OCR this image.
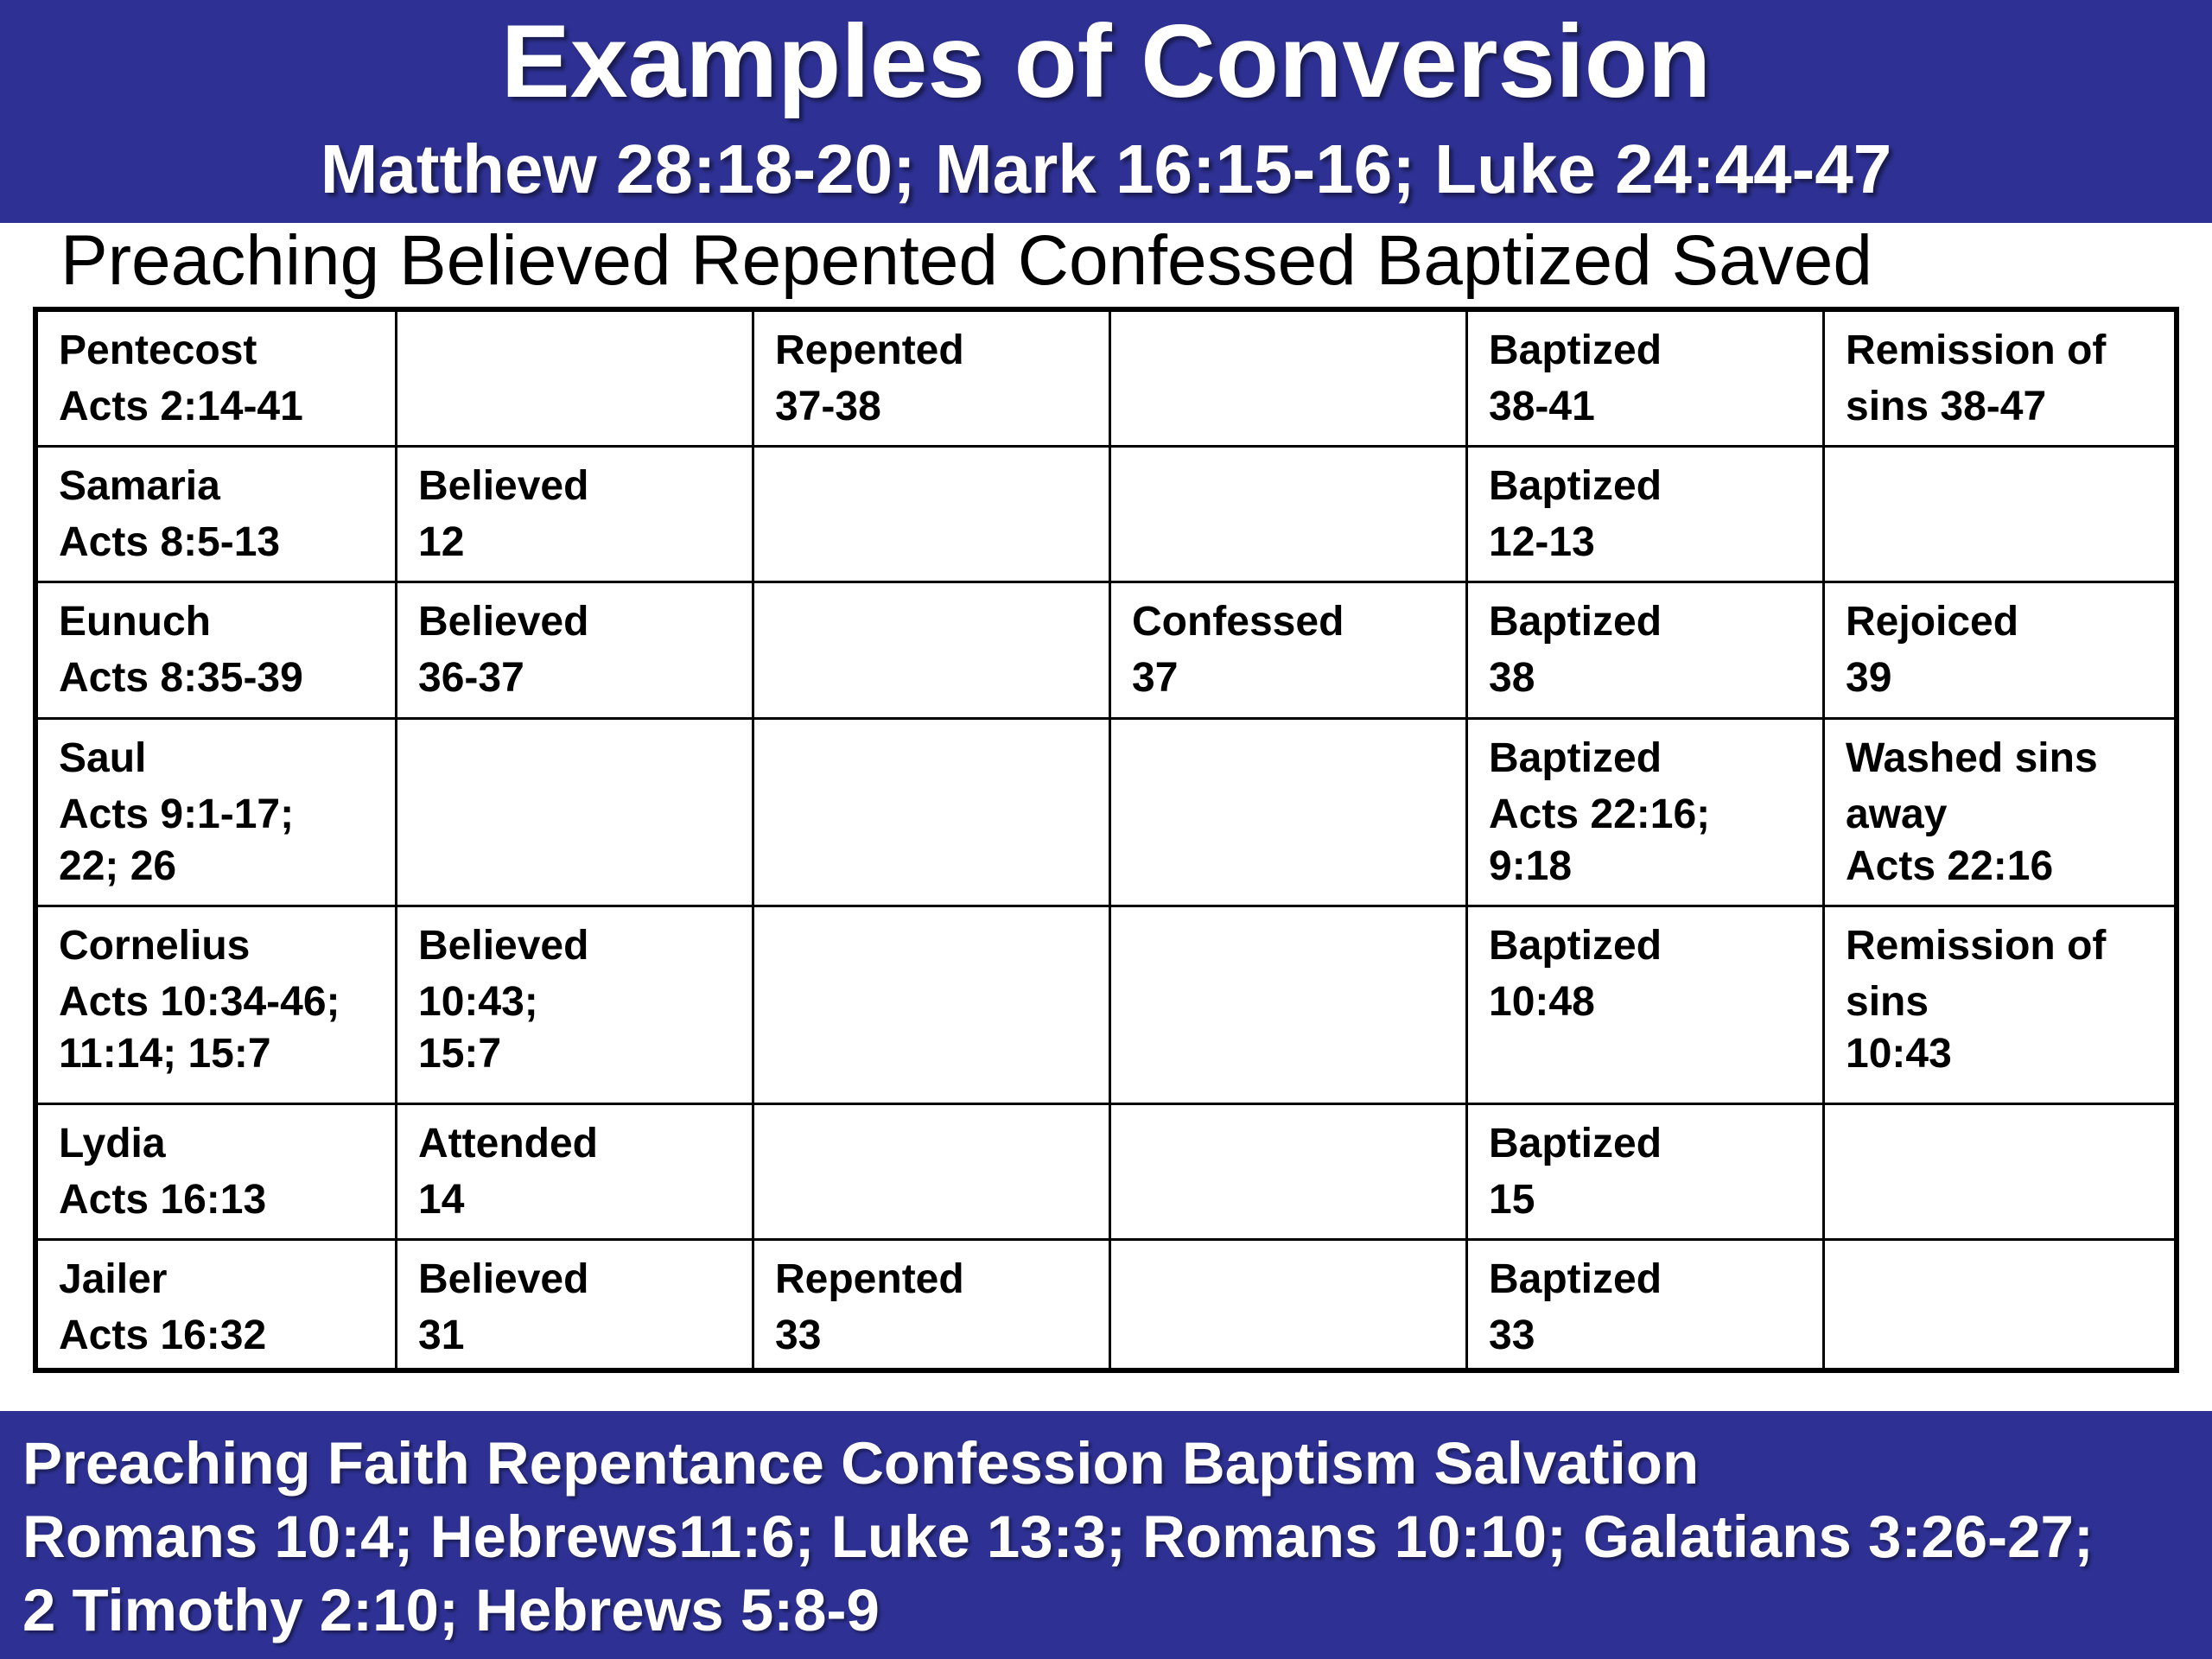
Examples of Conversion
Matthew 28:18-20; Mark 16:15-16; Luke 24:44-47
Preaching Believed Repented Confessed Baptized Saved
Pentecost
Acts 2:14-41
Repented
37-38
Baptized
38-41
Remission of
sins 38-47
Samaria
Acts 8:5-13
Believed
12
Baptized
12-13
Eunuch
Acts 8:35-39
Believed
36-37
Confessed
37
Baptized
38
Rejoiced
39
Saul
Acts 9:1-17;
22; 26
Baptized
Acts 22:16;
9:18
Washed sins
away
Acts 22:16
Cornelius
Acts 10:34-46;
11:14; 15:7
Believed
10:43;
15:7
Baptized
10:48
Remission of
sins
10:43
Lydia
Acts 16:13
Attended
14
Baptized
15
Jailer
Acts 16:32
Believed
31
Repented
33
Baptized
33
Preaching Faith Repentance Confession Baptism Salvation
Romans 10:4; Hebrews11:6; Luke 13:3; Romans 10:10; Galatians 3:26-27;
2 Timothy 2:10; Hebrews 5:8-9
